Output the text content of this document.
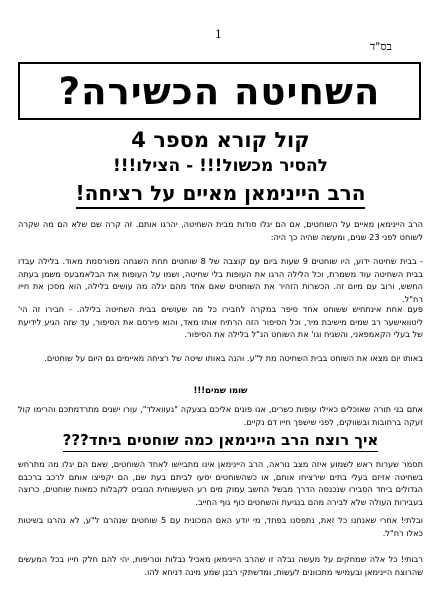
1
בס"ד
השחיטה הכשירה?
קול קורא מספר 4
להסיר מכשול!!! - הצילו!!!
הרב היינימאן מאיים על רציחה!
הרב היינימאן מאיים על השוחטים, אם הם יגלו סודות מבית השחיטה, יהרגו אותם. זה קרה שם שלא הם מה שקרה לשוחט לפני 23 שנים, ומעשה שהיה כך היה:
- בבית שחיטה ידוע, היו שוחטים 9 שעות ביום עם קוצבה של 8 שוחטים תחת השגחה מפורסמת מאוד. בלילה עבדו בבית השחיטה עוד משמרת, וכל הלילה הרגו את העופות בלי שחיטה, ושמו על העופות את הבלאמבעס משמן בעתה החשש, ורוב עם מיום זה. הכשרות הזהיר את השוחטים שאם אחד מהם יגלה מה עושים בלילה, הוא מסכן את חייו רח"ל.
פעם אחת אינתחיש ששוחט אחד סיפר במקרה לחבירו כל מה שעושים בבית השחיטה בלילה. - חבירו זה הי' ליטוואישער רב שמים מישיבת מיר, וכל הסיפור הזה הרתיח אותו מאד, והוא פירסם את הסיפור, עד שזה הגיע לידיעת של בעלי הקאמפאני, והשגיח וגו' את השוחט הנ"ל בלילה את הסיפור.
באותו יום מצאו את השוחט בבית השחיטה מת ל"ע. והנה באותו שיטה של רציחה מאיימים גם היום על שוחטים.
שומו שמים!!!
אתם בני תורה שאוכלים כאילו עופות כשרים, אנו פונים אליכם בצעקה "געוואלד", עורו ישנים מתרדמתכם והרימו קול זעקה ברחובות ובשווקים, לפני שישפך חייו דם נקיים.
איך רוצח הרב היינימאן כמה שוחטים ביחד???
תסמר שערות ראש לשמוע איזה מצב נוראה, הרב היינימאן אינו מתביישו לאחד השוחטים, שאם הם יגלו מה מתרחש בשחיטה אזיזם בעלי בתים שירציחו אותם, או כשהשוחטים יסעו לביתם בעת שם, הם יקפיצו אותם לרכב ברכבם הגדולים ביחד הסבירו שנכנסה הדרך מבשל החשב עמוק מים רע השעשוחית הנוביט לקבלות כמאות שוחטים, כרוצה בעבירות העולה שלא לבירה מהם בנגיעת והשחטים כוף גוף החייב.
ובלתי! אחרי שאנחנו כל זאת, נתפסנו בפחד, מי יודע האם המכונית עם 5 שוחטים שנהרגו ל"ע, לא נהרגו בשיטות כאלו רח"ל.
רבותי! כל אלה שמחקים על מעשה נבלה זו שהרב היינימאן מאכיל נבלות וטריפות, יהי להם חלק חייו בכל המעשים שהרוצח היינימאן ובעמישי מתכוונים לעשות, ומדשתקי רבנן שמע מינה דניחא להו.
